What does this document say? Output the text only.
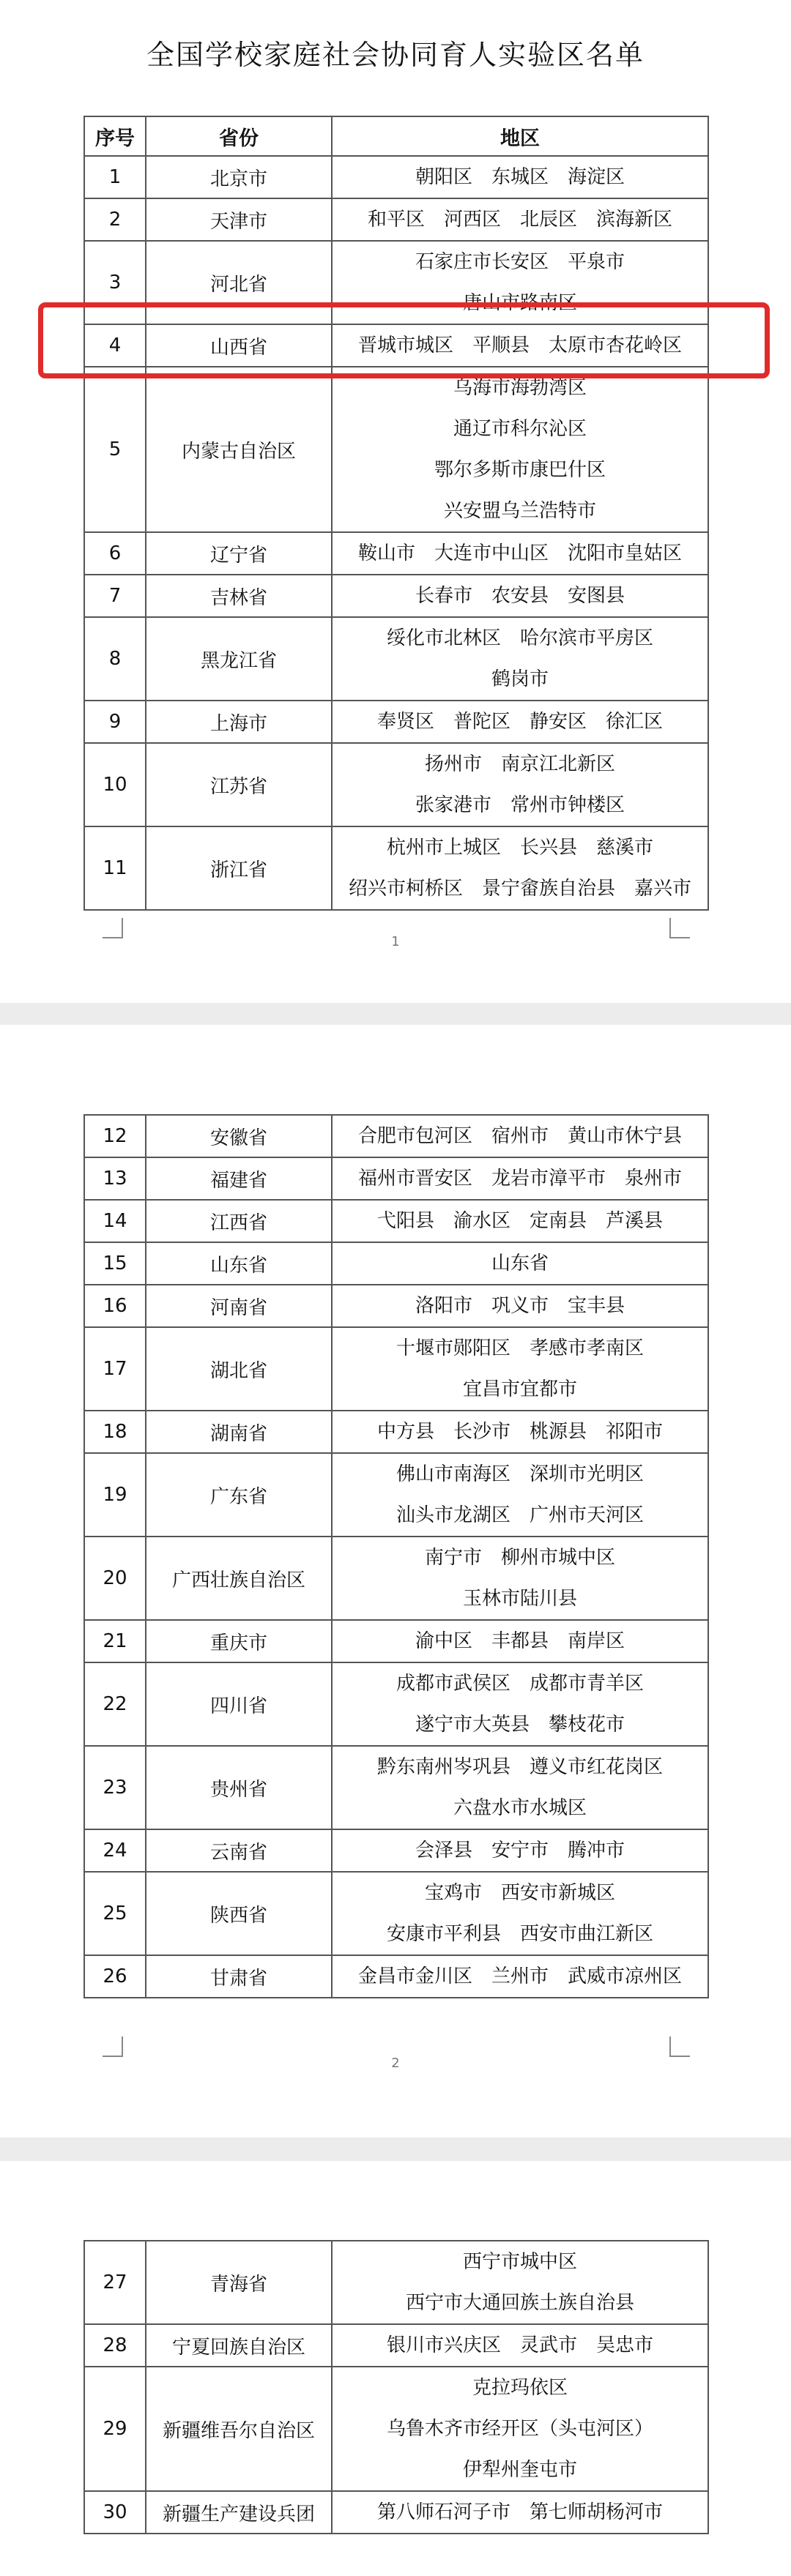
全国学校家庭社会协同育人实验区名单
序号	省份	地区
1	北京市	朝阳区　东城区　海淀区

2	天津市	和平区　河西区　北辰区　滨海新区

3	河北省	石家庄市长安区　平泉市
唐山市路南区

4	山西省	晋城市城区　平顺县　太原市杏花岭区

5	内蒙古自治区	乌海市海勃湾区
通辽市科尔沁区
鄂尔多斯市康巴什区
兴安盟乌兰浩特市

6	辽宁省	鞍山市　大连市中山区　沈阳市皇姑区

7	吉林省	长春市　农安县　安图县

8	黑龙江省	绥化市北林区　哈尔滨市平房区
鹤岗市

9	上海市	奉贤区　普陀区　静安区　徐汇区

10	江苏省	扬州市　南京江北新区
张家港市　常州市钟楼区

11	浙江省	杭州市上城区　长兴县　慈溪市
绍兴市柯桥区　景宁畲族自治县　嘉兴市
1
12	安徽省	合肥市包河区　宿州市　黄山市休宁县

13	福建省	福州市晋安区　龙岩市漳平市　泉州市

14	江西省	弋阳县　渝水区　定南县　芦溪县

15	山东省	山东省

16	河南省	洛阳市　巩义市　宝丰县

17	湖北省	十堰市郧阳区　孝感市孝南区
宜昌市宜都市

18	湖南省	中方县　长沙市　桃源县　祁阳市

19	广东省	佛山市南海区　深圳市光明区
汕头市龙湖区　广州市天河区

20	广西壮族自治区	南宁市　柳州市城中区
玉林市陆川县

21	重庆市	渝中区　丰都县　南岸区

22	四川省	成都市武侯区　成都市青羊区
遂宁市大英县　攀枝花市

23	贵州省	黔东南州岑巩县　遵义市红花岗区
六盘水市水城区

24	云南省	会泽县　安宁市　腾冲市

25	陕西省	宝鸡市　西安市新城区
安康市平利县　西安市曲江新区

26	甘肃省	金昌市金川区　兰州市　武威市凉州区
2
27	青海省	西宁市城中区
西宁市大通回族土族自治县

28	宁夏回族自治区	银川市兴庆区　灵武市　吴忠市

29	新疆维吾尔自治区	克拉玛依区
乌鲁木齐市经开区（头屯河区）
伊犁州奎屯市

30	新疆生产建设兵团	第八师石河子市　第七师胡杨河市
